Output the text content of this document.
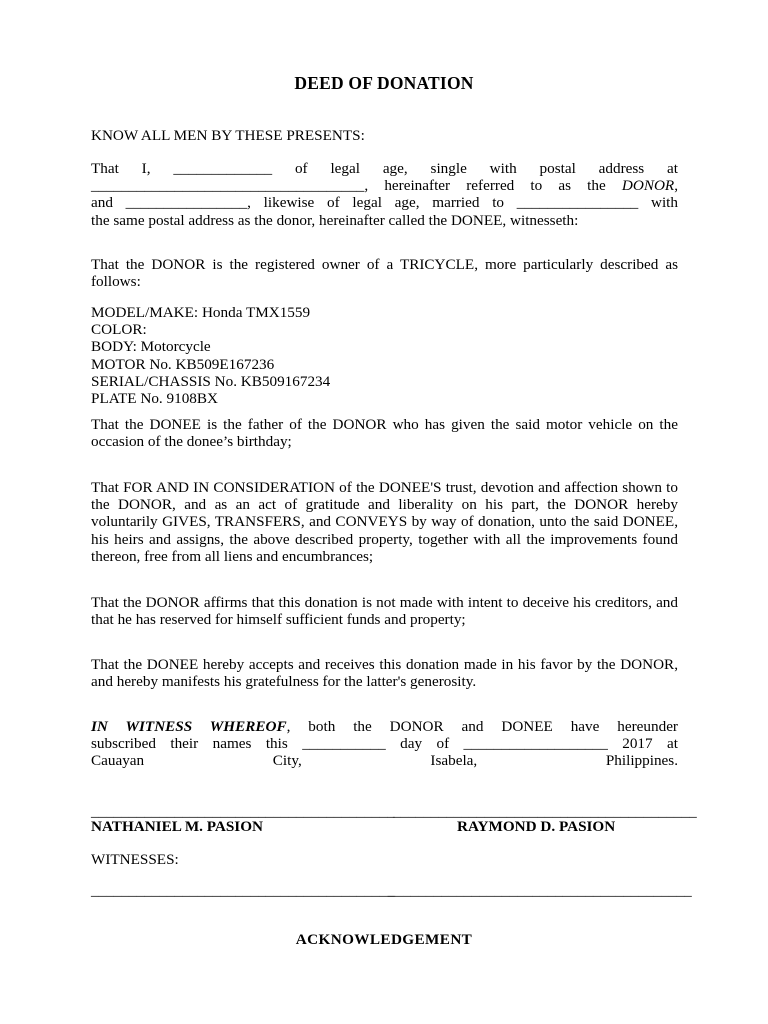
DEED OF DONATION
KNOW ALL MEN BY THESE PRESENTS:

That I, _____________ of legal age, single with postal address at

____________________________________, hereinafter referred to as the DONOR,

and ________________, likewise of legal age, married to ________________ with

the same postal address as the donor, hereinafter called the DONEE, witnesseth:

That the DONOR is the registered owner of a TRICYCLE, more particularly described as follows:
MODEL/MAKE: Honda TMX1559
COLOR:
BODY: Motorcycle
MOTOR No. KB509E167236
SERIAL/CHASSIS No. KB509167234
PLATE No. 9108BX
That the DONEE is the father of the DONOR who has given the said motor vehicle on the occasion of the donee’s birthday;
That FOR AND IN CONSIDERATION of the DONEE'S trust, devotion and affection shown to the DONOR, and as an act of gratitude and liberality on his part, the DONOR hereby voluntarily GIVES, TRANSFERS, and CONVEYS by way of donation, unto the said DONEE, his heirs and assigns, the above described property, together with all the improvements found thereon, free from all liens and encumbrances;
That the DONOR affirms that this donation is not made with intent to deceive his creditors, and that he has reserved for himself sufficient funds and property;
That the DONEE hereby accepts and receives this donation made in his favor by the DONOR, and hereby manifests his gratefulness for the latter's generosity.

IN WITNESS WHEREOF, both the DONOR and DONEE have hereunder

subscribed their names this ___________ day of ___________________ 2017 at

Cauayan City, Isabela, Philippines.

________________________________________
________________________________________
NATHANIEL M. PASION	RAYMOND D. PASION
WITNESSES:
________________________________________
________________________________________
ACKNOWLEDGEMENT
